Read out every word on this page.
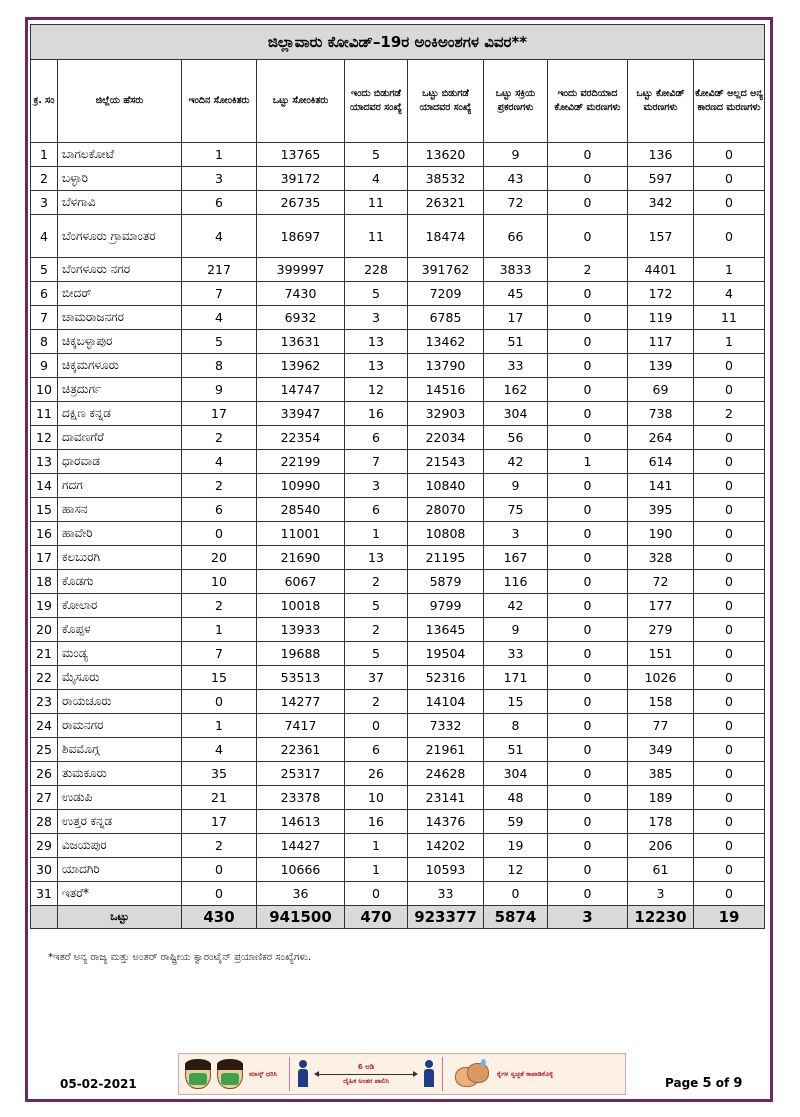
ಜಿಲ್ಲಾವಾರು ಕೋವಿಡ್–19ರ ಅಂಕಿಅಂಶಗಳ ವಿವರ**									
ಕ್ರ. ಸಂ	ಜಿಲ್ಲೆಯ ಹೆಸರು	ಇಂದಿನ ಸೋಂಕಿತರು	ಒಟ್ಟು ಸೋಂಕಿತರು	ಇಂದು ಬಿಡುಗಡೆ ಯಾದವರ ಸಂಖ್ಯೆ	ಒಟ್ಟು ಬಿಡುಗಡೆ ಯಾದವರ ಸಂಖ್ಯೆ	ಒಟ್ಟು ಸಕ್ರಿಯ ಪ್ರಕರಣಗಳು	ಇಂದು ವರದಿಯಾದ ಕೋವಿಡ್ ಮರಣಗಳು	ಒಟ್ಟು ಕೋವಿಡ್ ಮರಣಗಳು	ಕೋವಿಡ್ ಅಲ್ಲದ ಅನ್ಯ ಕಾರಣದ ಮರಣಗಳು
1	ಬಾಗಲಕೋಟೆ	1	13765	5	13620	9	0	136	0
2	ಬಳ್ಳಾರಿ	3	39172	4	38532	43	0	597	0
3	ಬೆಳಗಾವಿ	6	26735	11	26321	72	0	342	0
4	ಬೆಂಗಳೂರು ಗ್ರಾಮಾಂತರ	4	18697	11	18474	66	0	157	0
5	ಬೆಂಗಳೂರು ನಗರ	217	399997	228	391762	3833	2	4401	1
6	ಬೀದರ್	7	7430	5	7209	45	0	172	4
7	ಚಾಮರಾಜನಗರ	4	6932	3	6785	17	0	119	11
8	ಚಿಕ್ಕಬಳ್ಳಾಪುರ	5	13631	13	13462	51	0	117	1
9	ಚಿಕ್ಕಮಗಳೂರು	8	13962	13	13790	33	0	139	0
10	ಚಿತ್ರದುರ್ಗ	9	14747	12	14516	162	0	69	0
11	ದಕ್ಷಿಣ ಕನ್ನಡ	17	33947	16	32903	304	0	738	2
12	ದಾವಣಗೆರೆ	2	22354	6	22034	56	0	264	0
13	ಧಾರವಾಡ	4	22199	7	21543	42	1	614	0
14	ಗದಗ	2	10990	3	10840	9	0	141	0
15	ಹಾಸನ	6	28540	6	28070	75	0	395	0
16	ಹಾವೇರಿ	0	11001	1	10808	3	0	190	0
17	ಕಲಬುರಗಿ	20	21690	13	21195	167	0	328	0
18	ಕೊಡಗು	10	6067	2	5879	116	0	72	0
19	ಕೋಲಾರ	2	10018	5	9799	42	0	177	0
20	ಕೊಪ್ಪಳ	1	13933	2	13645	9	0	279	0
21	ಮಂಡ್ಯ	7	19688	5	19504	33	0	151	0
22	ಮೈಸೂರು	15	53513	37	52316	171	0	1026	0
23	ರಾಯಚೂರು	0	14277	2	14104	15	0	158	0
24	ರಾಮನಗರ	1	7417	0	7332	8	0	77	0
25	ಶಿವಮೊಗ್ಗ	4	22361	6	21961	51	0	349	0
26	ತುಮಕೂರು	35	25317	26	24628	304	0	385	0
27	ಉಡುಪಿ	21	23378	10	23141	48	0	189	0
28	ಉತ್ತರ ಕನ್ನಡ	17	14613	16	14376	59	0	178	0
29	ವಿಜಯಪುರ	2	14427	1	14202	19	0	206	0
30	ಯಾದಗಿರಿ	0	10666	1	10593	12	0	61	0
31	ಇತರೆ*	0	36	0	33	0	0	3	0
	ಒಟ್ಟು	430	941500	470	923377	5874	3	12230	19
*ಇತರೆ ಅನ್ಯ ರಾಜ್ಯ ಮತ್ತು ಅಂತರ್ ರಾಷ್ಟ್ರೀಯ ಕ್ವಾರಂಟೈನ್ ಪ್ರಯಾಣಿಕರ ಸಂಖ್ಯೆಗಳು.
ಮಾಸ್ಕ್ ಧರಿಸಿ
6 ಅಡಿ
ದೈಹಿಕ ಅಂತರ ಪಾಲಿಸಿ
ಕೈಗಳ ಸ್ವಚ್ಛತೆ ಕಾಪಾಡಿಕೊಳ್ಳಿ
05-02-2021	Page 5 of 9
